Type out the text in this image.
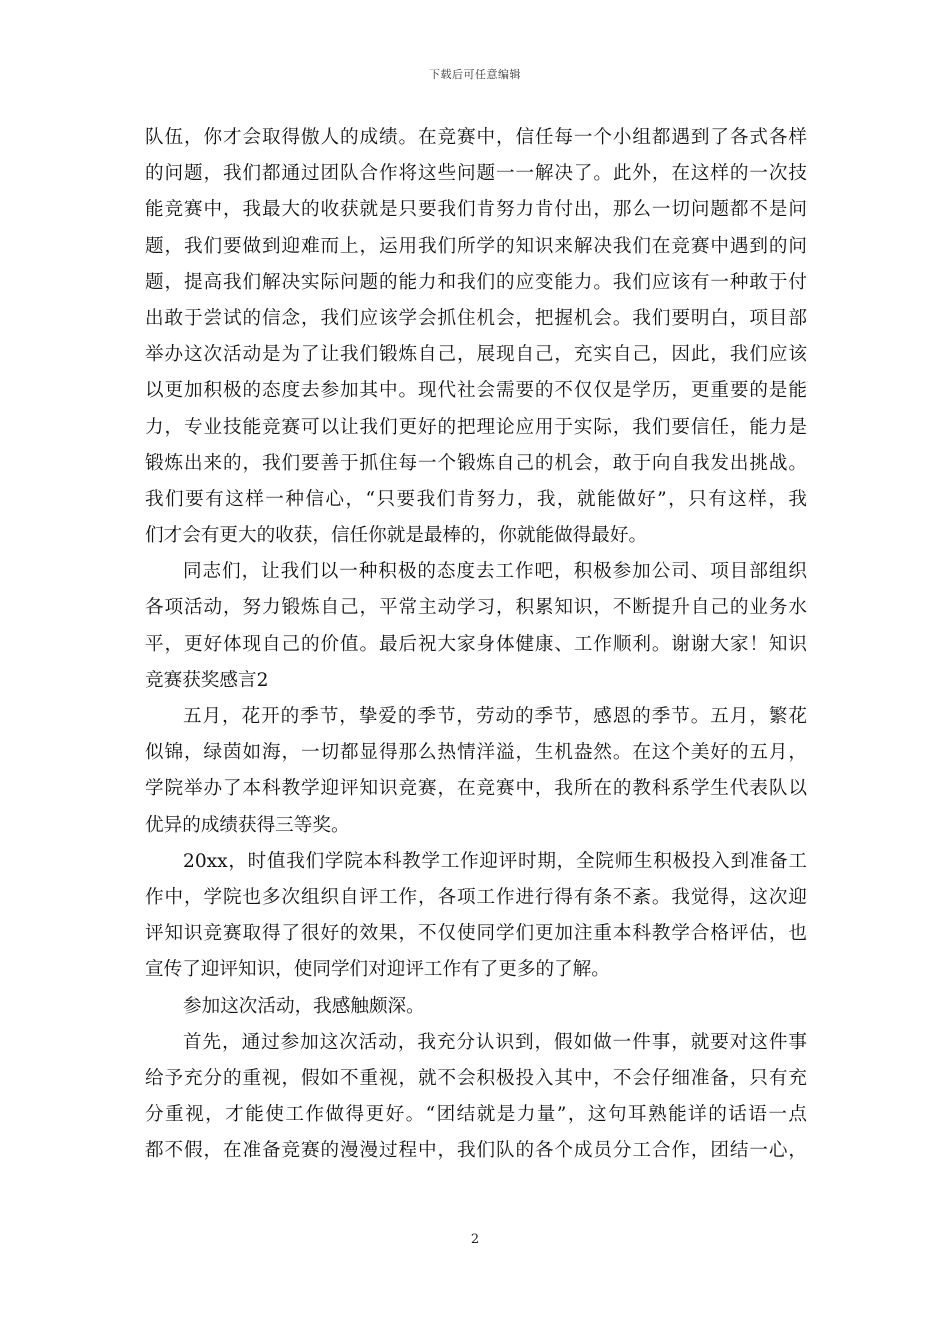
下载后可任意编辑
队伍，你才会取得傲人的成绩。在竞赛中，信任每一个小组都遇到了各式各样
的问题，我们都通过团队合作将这些问题一一解决了。此外，在这样的一次技
能竞赛中，我最大的收获就是只要我们肯努力肯付出，那么一切问题都不是问
题，我们要做到迎难而上，运用我们所学的知识来解决我们在竞赛中遇到的问
题，提高我们解决实际问题的能力和我们的应变能力。我们应该有一种敢于付
出敢于尝试的信念，我们应该学会抓住机会，把握机会。我们要明白，项目部
举办这次活动是为了让我们锻炼自己，展现自己，充实自己，因此，我们应该
以更加积极的态度去参加其中。现代社会需要的不仅仅是学历，更重要的是能
力，专业技能竞赛可以让我们更好的把理论应用于实际，我们要信任，能力是
锻炼出来的，我们要善于抓住每一个锻炼自己的机会，敢于向自我发出挑战。
我们要有这样一种信心，“只要我们肯努力，我，就能做好”，只有这样，我
们才会有更大的收获，信任你就是最棒的，你就能做得最好。
同志们，让我们以一种积极的态度去工作吧，积极参加公司、项目部组织
各项活动，努力锻炼自己，平常主动学习，积累知识，不断提升自己的业务水
平，更好体现自己的价值。最后祝大家身体健康、工作顺利。谢谢大家！知识
竞赛获奖感言2
五月，花开的季节，挚爱的季节，劳动的季节，感恩的季节。五月，繁花
似锦，绿茵如海，一切都显得那么热情洋溢，生机盎然。在这个美好的五月，
学院举办了本科教学迎评知识竞赛，在竞赛中，我所在的教科系学生代表队以
优异的成绩获得三等奖。
20xx，时值我们学院本科教学工作迎评时期，全院师生积极投入到准备工
作中，学院也多次组织自评工作，各项工作进行得有条不紊。我觉得，这次迎
评知识竞赛取得了很好的效果，不仅使同学们更加注重本科教学合格评估，也
宣传了迎评知识，使同学们对迎评工作有了更多的了解。
参加这次活动，我感触颇深。
首先，通过参加这次活动，我充分认识到，假如做一件事，就要对这件事
给予充分的重视，假如不重视，就不会积极投入其中，不会仔细准备，只有充
分重视，才能使工作做得更好。“团结就是力量”，这句耳熟能详的话语一点
都不假，在准备竞赛的漫漫过程中，我们队的各个成员分工合作，团结一心，
2
